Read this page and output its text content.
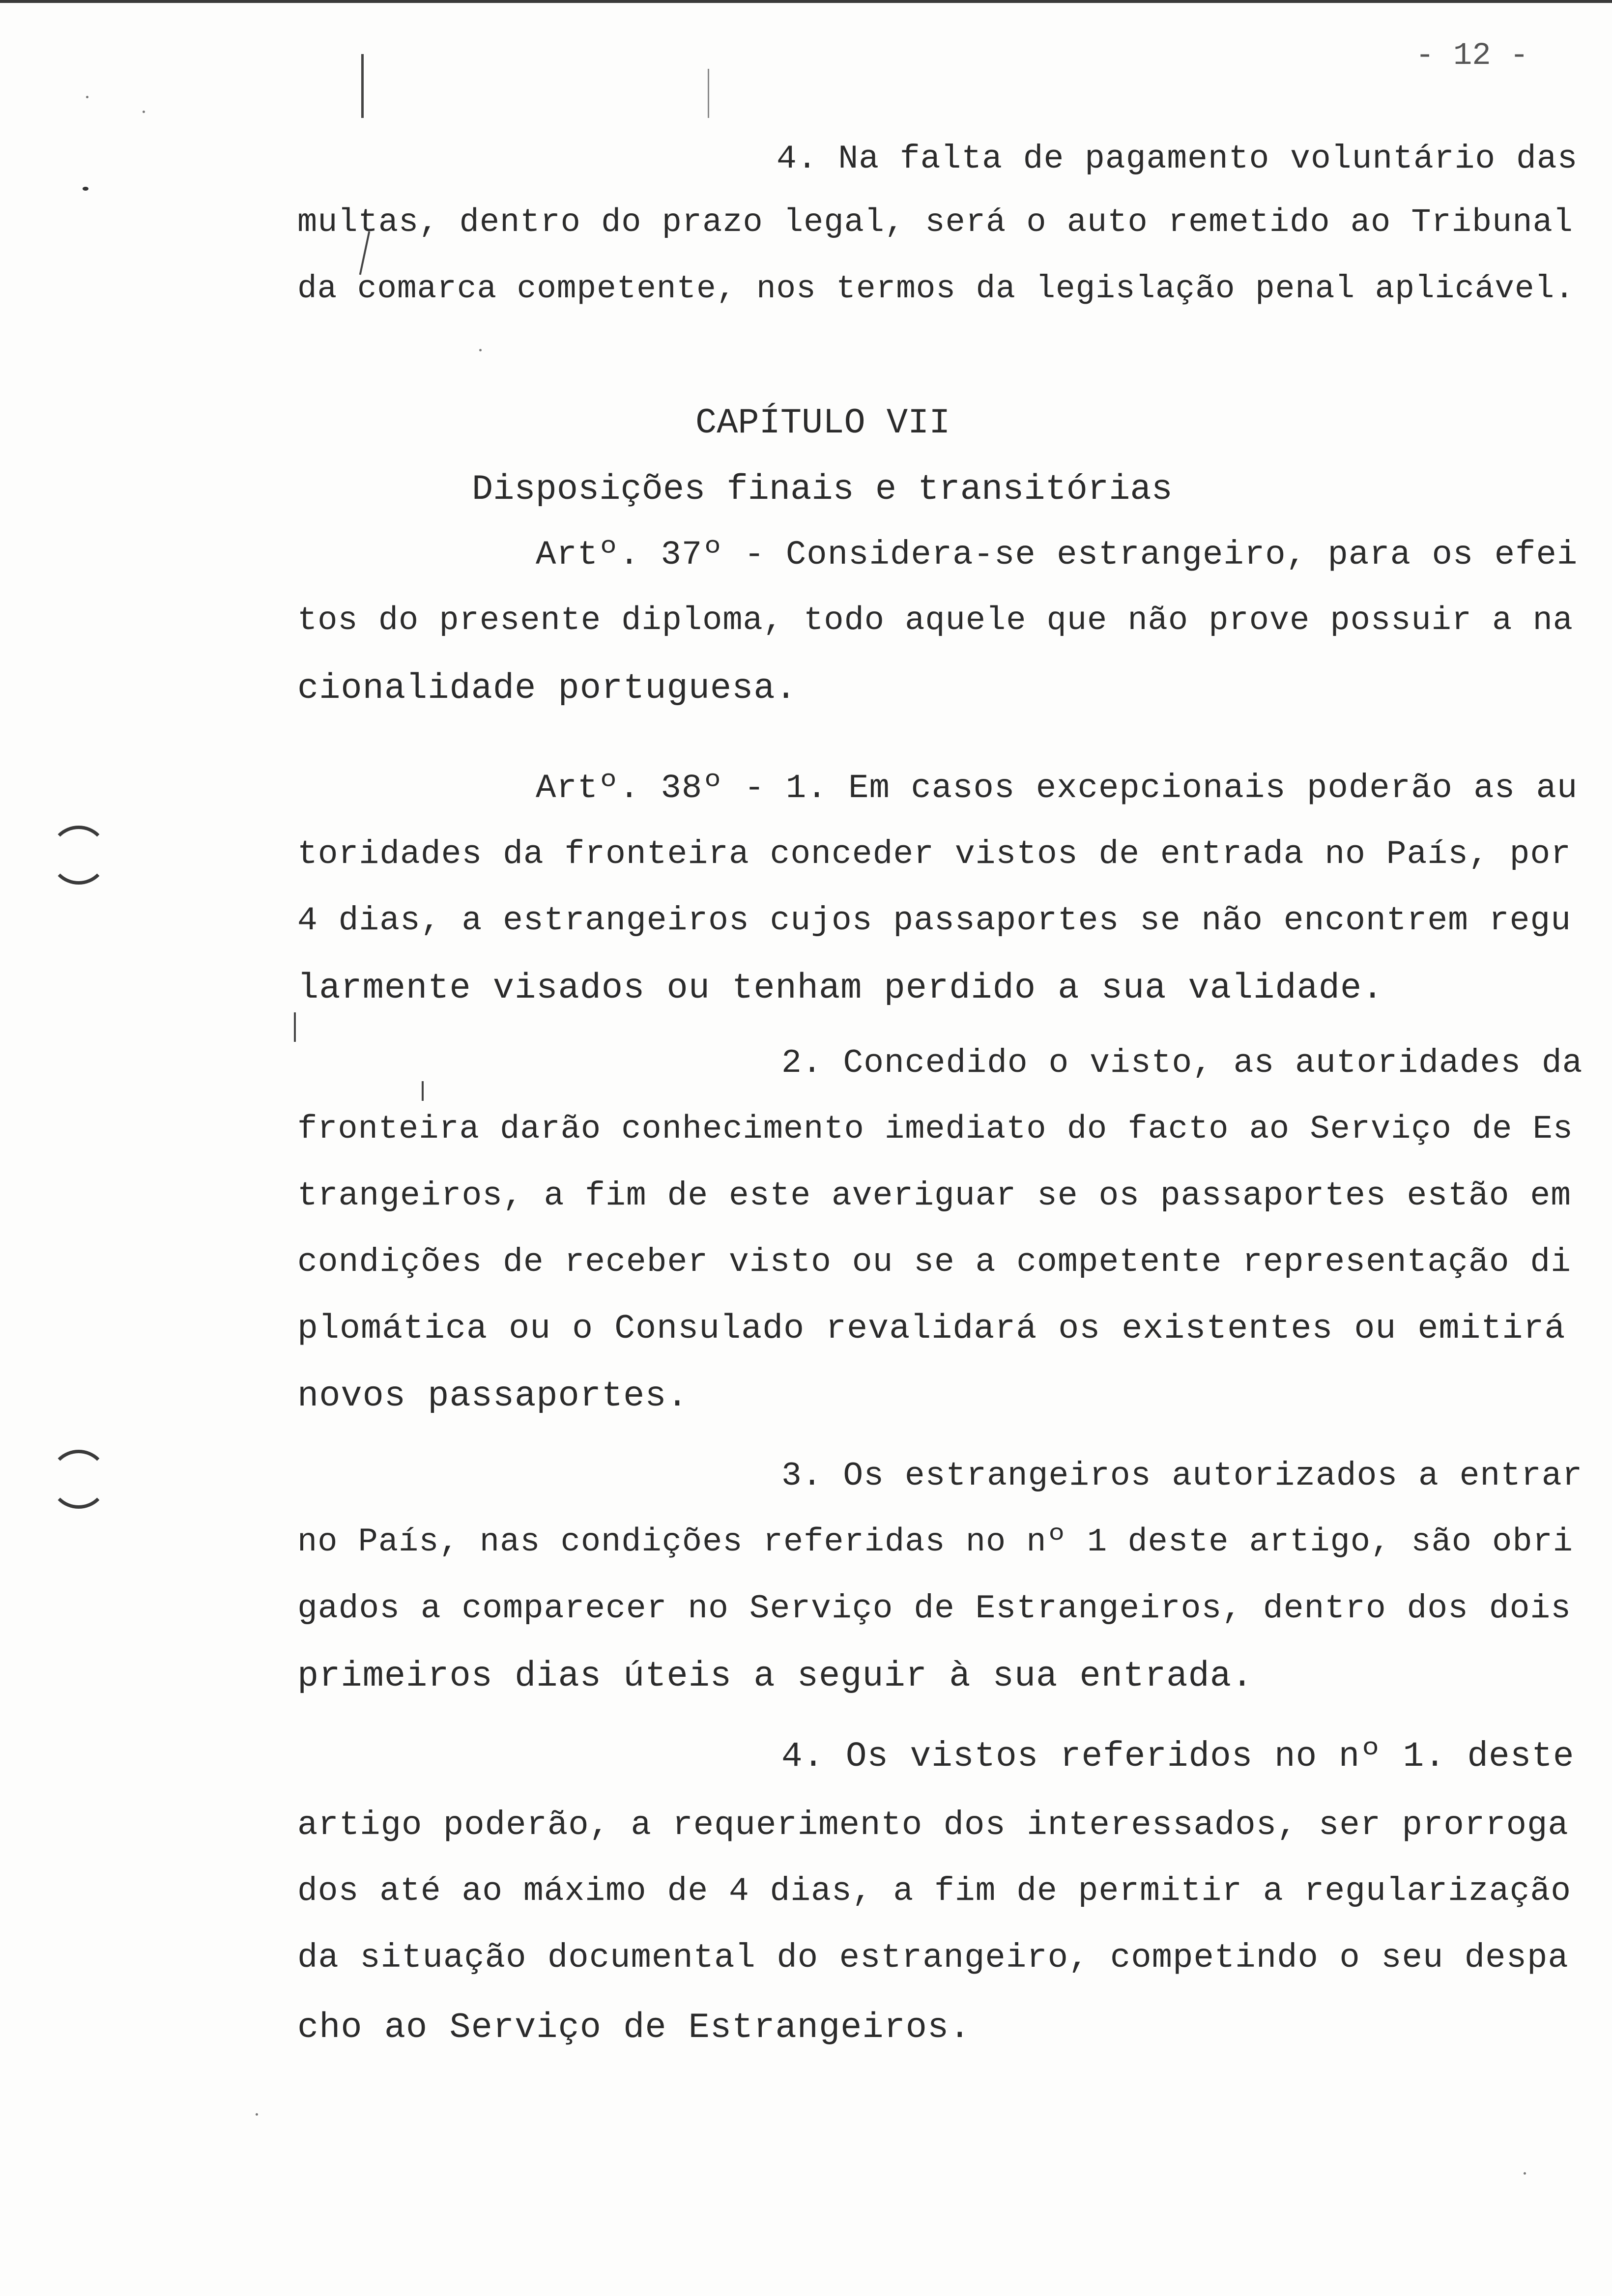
- 12 -
4. Na falta de pagamento voluntário das
multas, dentro do prazo legal, será o auto remetido ao Tribunal
da comarca competente, nos termos da legislação penal aplicável.
CAPÍTULO VII
Disposições finais e transitórias
Artº. 37º - Considera-se estrangeiro, para os efei
tos do presente diploma, todo aquele que não prove possuir a na
cionalidade portuguesa.
Artº. 38º - 1. Em casos excepcionais poderão as au
toridades da fronteira conceder vistos de entrada no País, por
4 dias, a estrangeiros cujos passaportes se não encontrem regu
larmente visados ou tenham perdido a sua validade.
2. Concedido o visto, as autoridades da
fronteira darão conhecimento imediato do facto ao Serviço de Es
trangeiros, a fim de este averiguar se os passaportes estão em
condições de receber visto ou se a competente representação di
plomática ou o Consulado revalidará os existentes ou emitirá
novos passaportes.
3. Os estrangeiros autorizados a entrar
no País, nas condições referidas no nº 1 deste artigo, são obri
gados a comparecer no Serviço de Estrangeiros, dentro dos dois
primeiros dias úteis a seguir à sua entrada.
4. Os vistos referidos no nº 1. deste
artigo poderão, a requerimento dos interessados, ser prorroga
dos até ao máximo de 4 dias, a fim de permitir a regularização
da situação documental do estrangeiro, competindo o seu despa
cho ao Serviço de Estrangeiros.
